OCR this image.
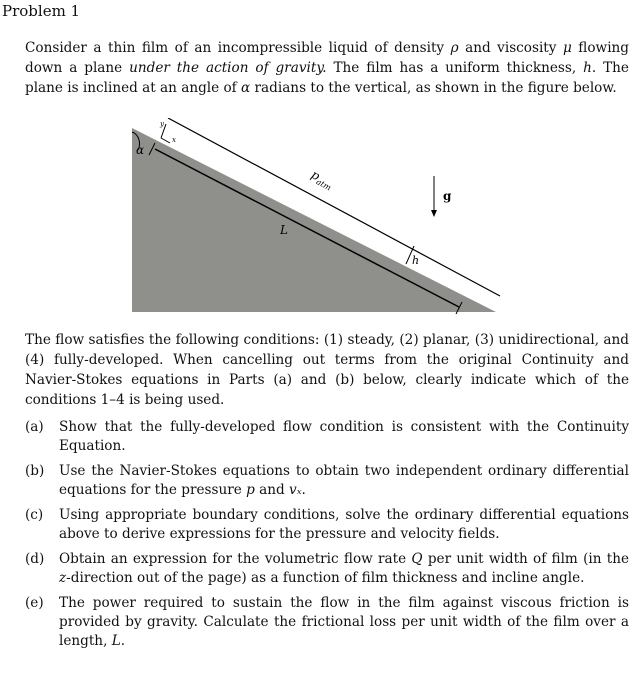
Problem 1
Consider a thin film of an incompressible liquid of density ρ and viscosity μ flowing down a plane under the action of gravity. The film has a uniform thickness, h. The plane is inclined at an angle of α radians to the vertical, as shown in the figure below.
α
y
x
L
h
$p_{atm}$
g
The flow satisfies the following conditions: (1) steady, (2) planar, (3) unidirectional, and (4) fully-developed. When cancelling out terms from the original Continuity and Navier-Stokes equations in Parts (a) and (b) below, clearly indicate which of the conditions 1–4 is being used.
(a)	Show that the fully-developed flow condition is consistent with the Continuity Equation.
(b)	Use the Navier-Stokes equations to obtain two independent ordinary differential equations for the pressure p and vₓ.
(c)	Using appropriate boundary conditions, solve the ordinary differential equations above to derive expressions for the pressure and velocity fields.
(d)	Obtain an expression for the volumetric flow rate Q per unit width of film (in the z-direction out of the page) as a function of film thickness and incline angle.
(e)	The power required to sustain the flow in the film against viscous friction is provided by gravity. Calculate the frictional loss per unit width of the film over a length, L.
